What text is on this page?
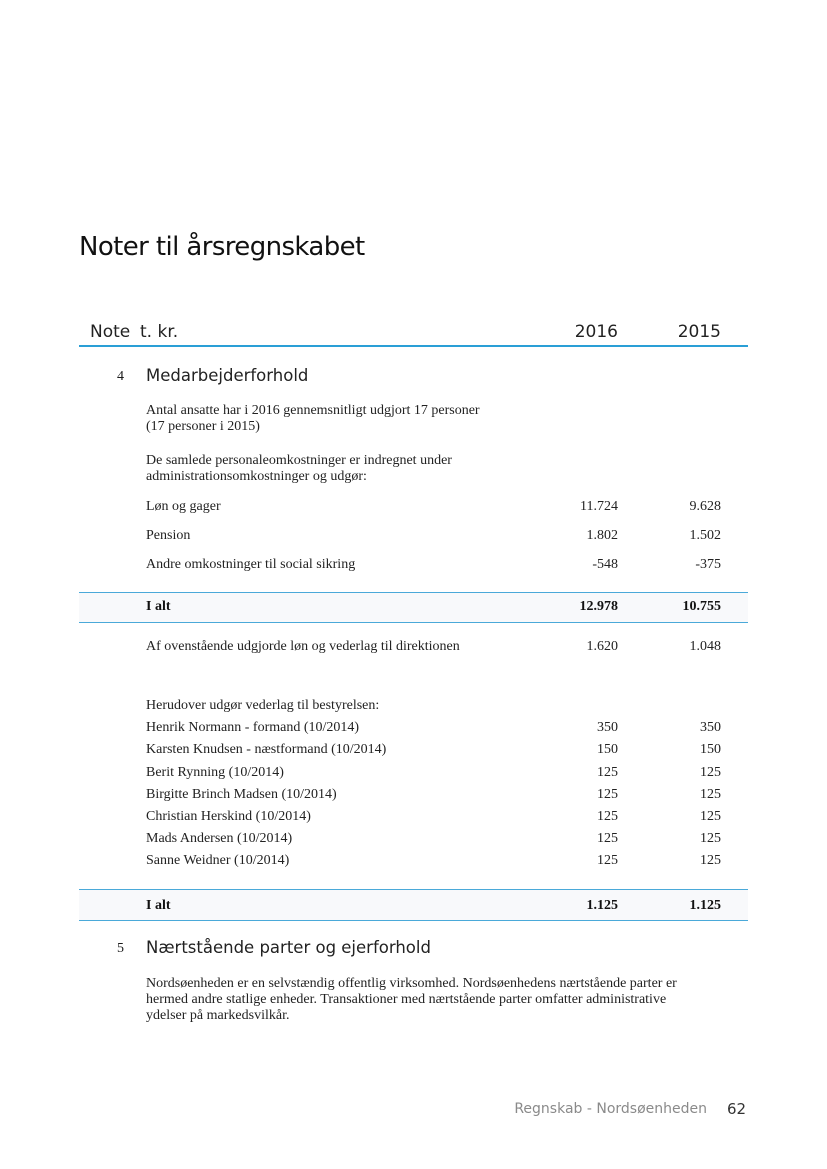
Noter til årsregnskabet
Note t. kr.	2016	2015
4 Medarbejderforhold
Antal ansatte har i 2016 gennemsnitligt udgjort 17 personer
(17 personer i 2015)
De samlede personaleomkostninger er indregnet under
administrationsomkostninger og udgør:
Løn og gager	11.724	9.628
Pension	1.802	1.502
Andre omkostninger til social sikring	-548	-375
I alt	12.978	10.755
Af ovenstående udgjorde løn og vederlag til direktionen	1.620	1.048
Herudover udgør vederlag til bestyrelsen:
Henrik Normann - formand (10/2014)	350	350
Karsten Knudsen - næstformand (10/2014)	150	150
Berit Rynning (10/2014)	125	125
Birgitte Brinch Madsen (10/2014)	125	125
Christian Herskind (10/2014)	125	125
Mads Andersen (10/2014)	125	125
Sanne Weidner (10/2014)	125	125
I alt	1.125	1.125
5 Nærtstående parter og ejerforhold
Nordsøenheden er en selvstændig offentlig virksomhed. Nordsøenhedens nærtstående parter er
hermed andre statlige enheder. Transaktioner med nærtstående parter omfatter administrative
ydelser på markedsvilkår.
Regnskab - Nordsøenheden 62
